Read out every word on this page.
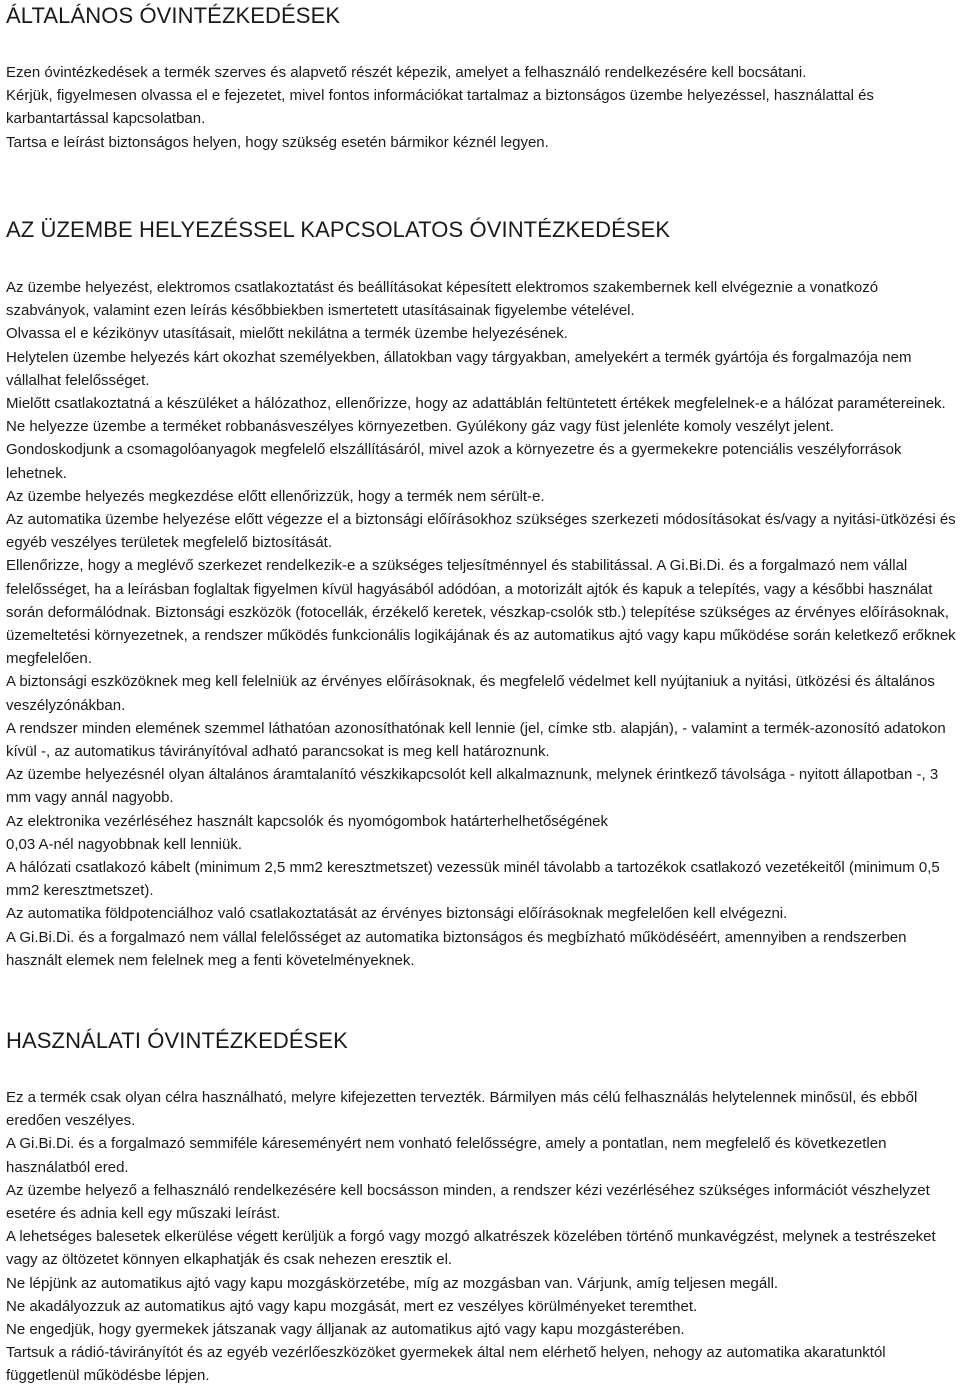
ÁLTALÁNOS ÓVINTÉZKEDÉSEK

Ezen óvintézkedések a termék szerves és alapvető részét képezik, amelyet a felhasználó rendelkezésére kell bocsátani.

Kérjük, figyelmesen olvassa el e fejezetet, mivel fontos információkat tartalmaz a biztonságos üzembe helyezéssel, használattal és karbantartással kapcsolatban.

Tartsa e leírást biztonságos helyen, hogy szükség esetén bármikor kéznél legyen.

AZ ÜZEMBE HELYEZÉSSEL KAPCSOLATOS ÓVINTÉZKEDÉSEK

Az üzembe helyezést, elektromos csatlakoztatást és beállításokat képesített elektromos szakembernek kell elvégeznie a vonatkozó szabványok, valamint ezen leírás későbbiekben ismertetett utasításainak figyelembe vételével.

Olvassa el e kézikönyv utasításait, mielőtt nekilátna a termék üzembe helyezésének.

Helytelen üzembe helyezés kárt okozhat személyekben, állatokban vagy tárgyakban, amelyekért a termék gyártója és forgalmazója nem vállalhat felelősséget.

Mielőtt csatlakoztatná a készüléket a hálózathoz, ellenőrizze, hogy az adattáblán feltüntetett értékek megfelelnek-e a hálózat paramétereinek.

Ne helyezze üzembe a terméket robbanásveszélyes környezetben. Gyúlékony gáz vagy füst jelenléte komoly veszélyt jelent.

Gondoskodjunk a csomagolóanyagok megfelelő elszállításáról, mivel azok a környezetre és a gyermekekre potenciális veszélyforrások lehetnek.

Az üzembe helyezés megkezdése előtt ellenőrizzük, hogy a termék nem sérült-e.

Az automatika üzembe helyezése előtt végezze el a biztonsági előírásokhoz szükséges szerkezeti módosításokat és/vagy a nyitási-ütközési és egyéb veszélyes területek megfelelő biztosítását.

Ellenőrizze, hogy a meglévő szerkezet rendelkezik-e a szükséges teljesítménnyel és stabilitással. A Gi.Bi.Di. és a forgalmazó nem vállal felelősséget, ha a leírásban foglaltak figyelmen kívül hagyásából adódóan, a motorizált ajtók és kapuk a telepítés, vagy a későbbi használat során deformálódnak. Biztonsági eszközök (fotocellák, érzékelő keretek, vészkap-csolók stb.) telepítése szükséges az érvényes előírásoknak, üzemeltetési környezetnek, a rendszer működés funkcionális logikájának és az automatikus ajtó vagy kapu működése során keletkező erőknek megfelelően.

A biztonsági eszközöknek meg kell felelniük az érvényes előírásoknak, és megfelelő védelmet kell nyújtaniuk a nyitási, ütközési és általános veszélyzónákban.

A rendszer minden elemének szemmel láthatóan azonosíthatónak kell lennie (jel, címke stb. alapján), - valamint a termék-azonosító adatokon kívül -, az automatikus távirányítóval adható parancsokat is meg kell határoznunk.

Az üzembe helyezésnél olyan általános áramtalanító vészkikapcsolót kell alkalmaznunk, melynek érintkező távolsága - nyitott állapotban -, 3 mm vagy annál nagyobb.

Az elektronika vezérléséhez használt kapcsolók és nyomógombok határterhelhetőségének

0,03 A-nél nagyobbnak kell lenniük.

A hálózati csatlakozó kábelt (minimum 2,5 mm2 keresztmetszet) vezessük minél távolabb a tartozékok csatlakozó vezetékeitől (minimum 0,5 mm2 keresztmetszet).

Az automatika földpotenciálhoz való csatlakoztatását az érvényes biztonsági előírásoknak megfelelően kell elvégezni.

A Gi.Bi.Di. és a forgalmazó nem vállal felelősséget az automatika biztonságos és megbízható működéséért, amennyiben a rendszerben használt elemek nem felelnek meg a fenti követelményeknek.

HASZNÁLATI ÓVINTÉZKEDÉSEK

Ez a termék csak olyan célra használható, melyre kifejezetten tervezték. Bármilyen más célú felhasználás helytelennek minősül, és ebből eredően veszélyes.

A Gi.Bi.Di. és a forgalmazó semmiféle káreseményért nem vonható felelősségre, amely a pontatlan, nem megfelelő és következetlen használatból ered.

Az üzembe helyező a felhasználó rendelkezésére kell bocsásson minden, a rendszer kézi vezérléséhez szükséges információt vészhelyzet esetére és adnia kell egy műszaki leírást.

A lehetséges balesetek elkerülése végett kerüljük a forgó vagy mozgó alkatrészek közelében történő munkavégzést, melynek a testrészeket vagy az öltözetet könnyen elkaphatják és csak nehezen eresztik el.

Ne lépjünk az automatikus ajtó vagy kapu mozgáskörzetébe, míg az mozgásban van. Várjunk, amíg teljesen megáll.

Ne akadályozzuk az automatikus ajtó vagy kapu mozgását, mert ez veszélyes körülményeket teremthet.

Ne engedjük, hogy gyermekek játszanak vagy álljanak az automatikus ajtó vagy kapu mozgásterében.

Tartsuk a rádió-távirányítót és az egyéb vezérlőeszközöket gyermekek által nem elérhető helyen, nehogy az automatika akaratunktól függetlenül működésbe lépjen.
